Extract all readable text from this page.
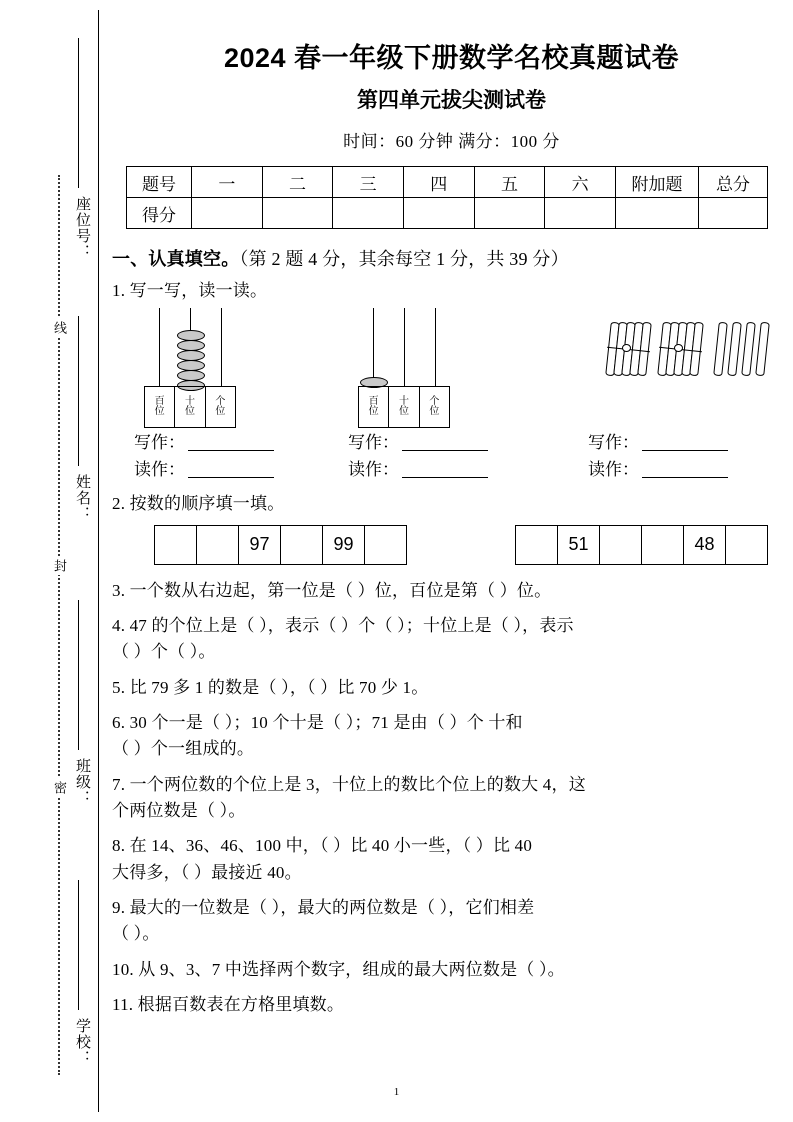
座位号：
姓名：
班级：
学校：
线
封
密
2024 春一年级下册数学名校真题试卷
第四单元拔尖测试卷
时间：60 分钟 满分：100 分
题号	一	二	三	四	五	六	附加题	总分
得分								
一、认真填空。（第 2 题 4 分，其余每空 1 分，共 39 分）
1. 写一写，读一读。
百
位
十
位
个
位
百
位
十
位
个
位
写作：	写作：	写作：
读作：	读作：	读作：
2. 按数的顺序填一填。
97	99	51	48
3. 一个数从右边起，第一位是（ ）位，百位是第（ ）位。
4. 47 的个位上是（ ），表示（ ）个（ ）；十位上是（ ），表示
（ ）个（ ）。
5. 比 79 多 1 的数是（ ），（ ）比 70 少 1。
6. 30 个一是（ ）；10 个十是（ ）；71 是由（ ）个 十和
（ ）个一组成的。
7. 一个两位数的个位上是 3，十位上的数比个位上的数大 4，这
个两位数是（ ）。
8. 在 14、36、46、100 中，（ ）比 40 小一些，（ ）比 40
大得多，（ ）最接近 40。
9. 最大的一位数是（ ），最大的两位数是（ ），它们相差
（ ）。
10. 从 9、3、7 中选择两个数字，组成的最大两位数是（ ）。
11. 根据百数表在方格里填数。
1
